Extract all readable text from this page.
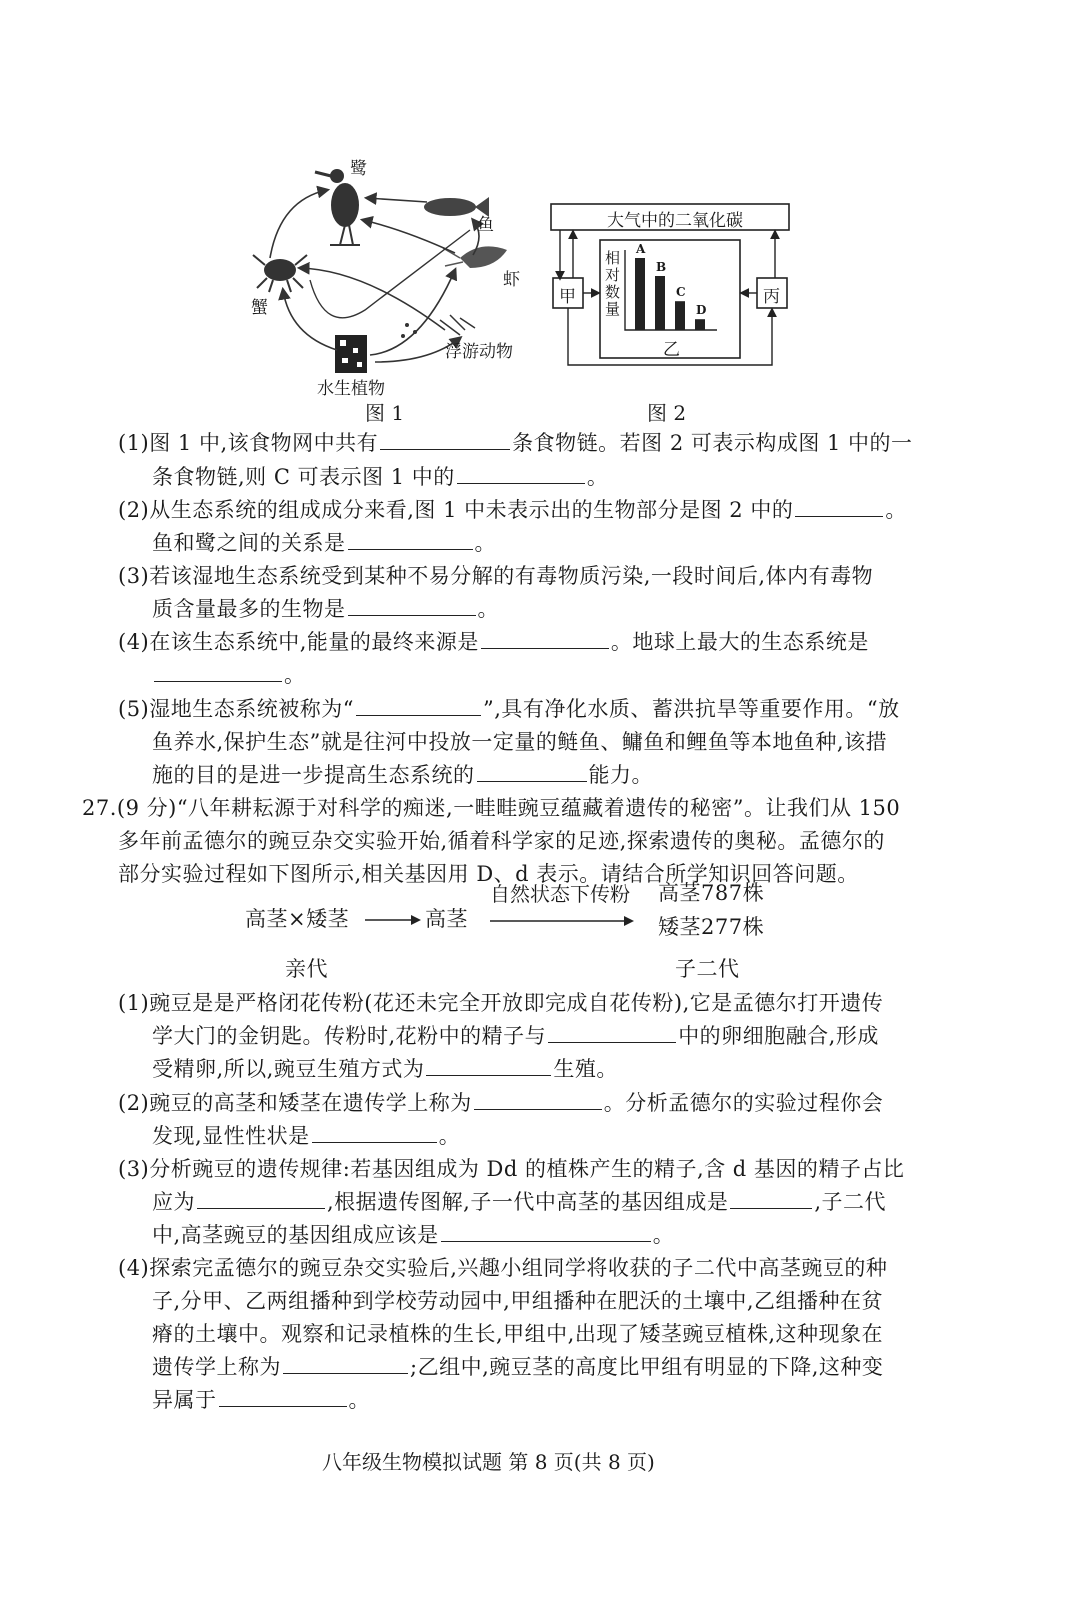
鹭
鱼
虾
蟹
浮游动物
水生植物
图 1
大气中的二氧化碳
甲	丙
乙
相对数量
A
B
C
D
图 2
(1)图 1 中,该食物网中共有	条食物链。若图 2 可表示构成图 1 中的一
条食物链,则 C 可表示图 1 中的	。
(2)从生态系统的组成成分来看,图 1 中未表示出的生物部分是图 2 中的	。
鱼和鹭之间的关系是	。
(3)若该湿地生态系统受到某种不易分解的有毒物质污染,一段时间后,体内有毒物
质含量最多的生物是	。
(4)在该生态系统中,能量的最终来源是	。地球上最大的生态系统是
。
(5)湿地生态系统被称为“	”,具有净化水质、蓄洪抗旱等重要作用。“放
鱼养水,保护生态”就是往河中投放一定量的鲢鱼、鳙鱼和鲤鱼等本地鱼种,该措
施的目的是进一步提高生态系统的	能力。
27.(9 分)“八年耕耘源于对科学的痴迷,一畦畦豌豆蕴藏着遗传的秘密”。让我们从 150
多年前孟德尔的豌豆杂交实验开始,循着科学家的足迹,探索遗传的奥秘。孟德尔的
部分实验过程如下图所示,相关基因用 D、d 表示。请结合所学知识回答问题。
高茎×矮茎	高茎
自然状态下传粉 高茎787株
矮茎277株
亲代	子二代
(1)豌豆是是严格闭花传粉(花还未完全开放即完成自花传粉),它是孟德尔打开遗传
学大门的金钥匙。传粉时,花粉中的精子与	中的卵细胞融合,形成
受精卵,所以,豌豆生殖方式为	生殖。
(2)豌豆的高茎和矮茎在遗传学上称为	。分析孟德尔的实验过程你会
发现,显性性状是	。
(3)分析豌豆的遗传规律:若基因组成为 Dd 的植株产生的精子,含 d 基因的精子占比
应为	,根据遗传图解,子一代中高茎的基因组成是	,子二代
中,高茎豌豆的基因组成应该是	。
(4)探索完孟德尔的豌豆杂交实验后,兴趣小组同学将收获的子二代中高茎豌豆的种
子,分甲、乙两组播种到学校劳动园中,甲组播种在肥沃的土壤中,乙组播种在贫
瘠的土壤中。观察和记录植株的生长,甲组中,出现了矮茎豌豆植株,这种现象在
遗传学上称为	;乙组中,豌豆茎的高度比甲组有明显的下降,这种变
异属于	。
八年级生物模拟试题 第 8 页(共 8 页)
